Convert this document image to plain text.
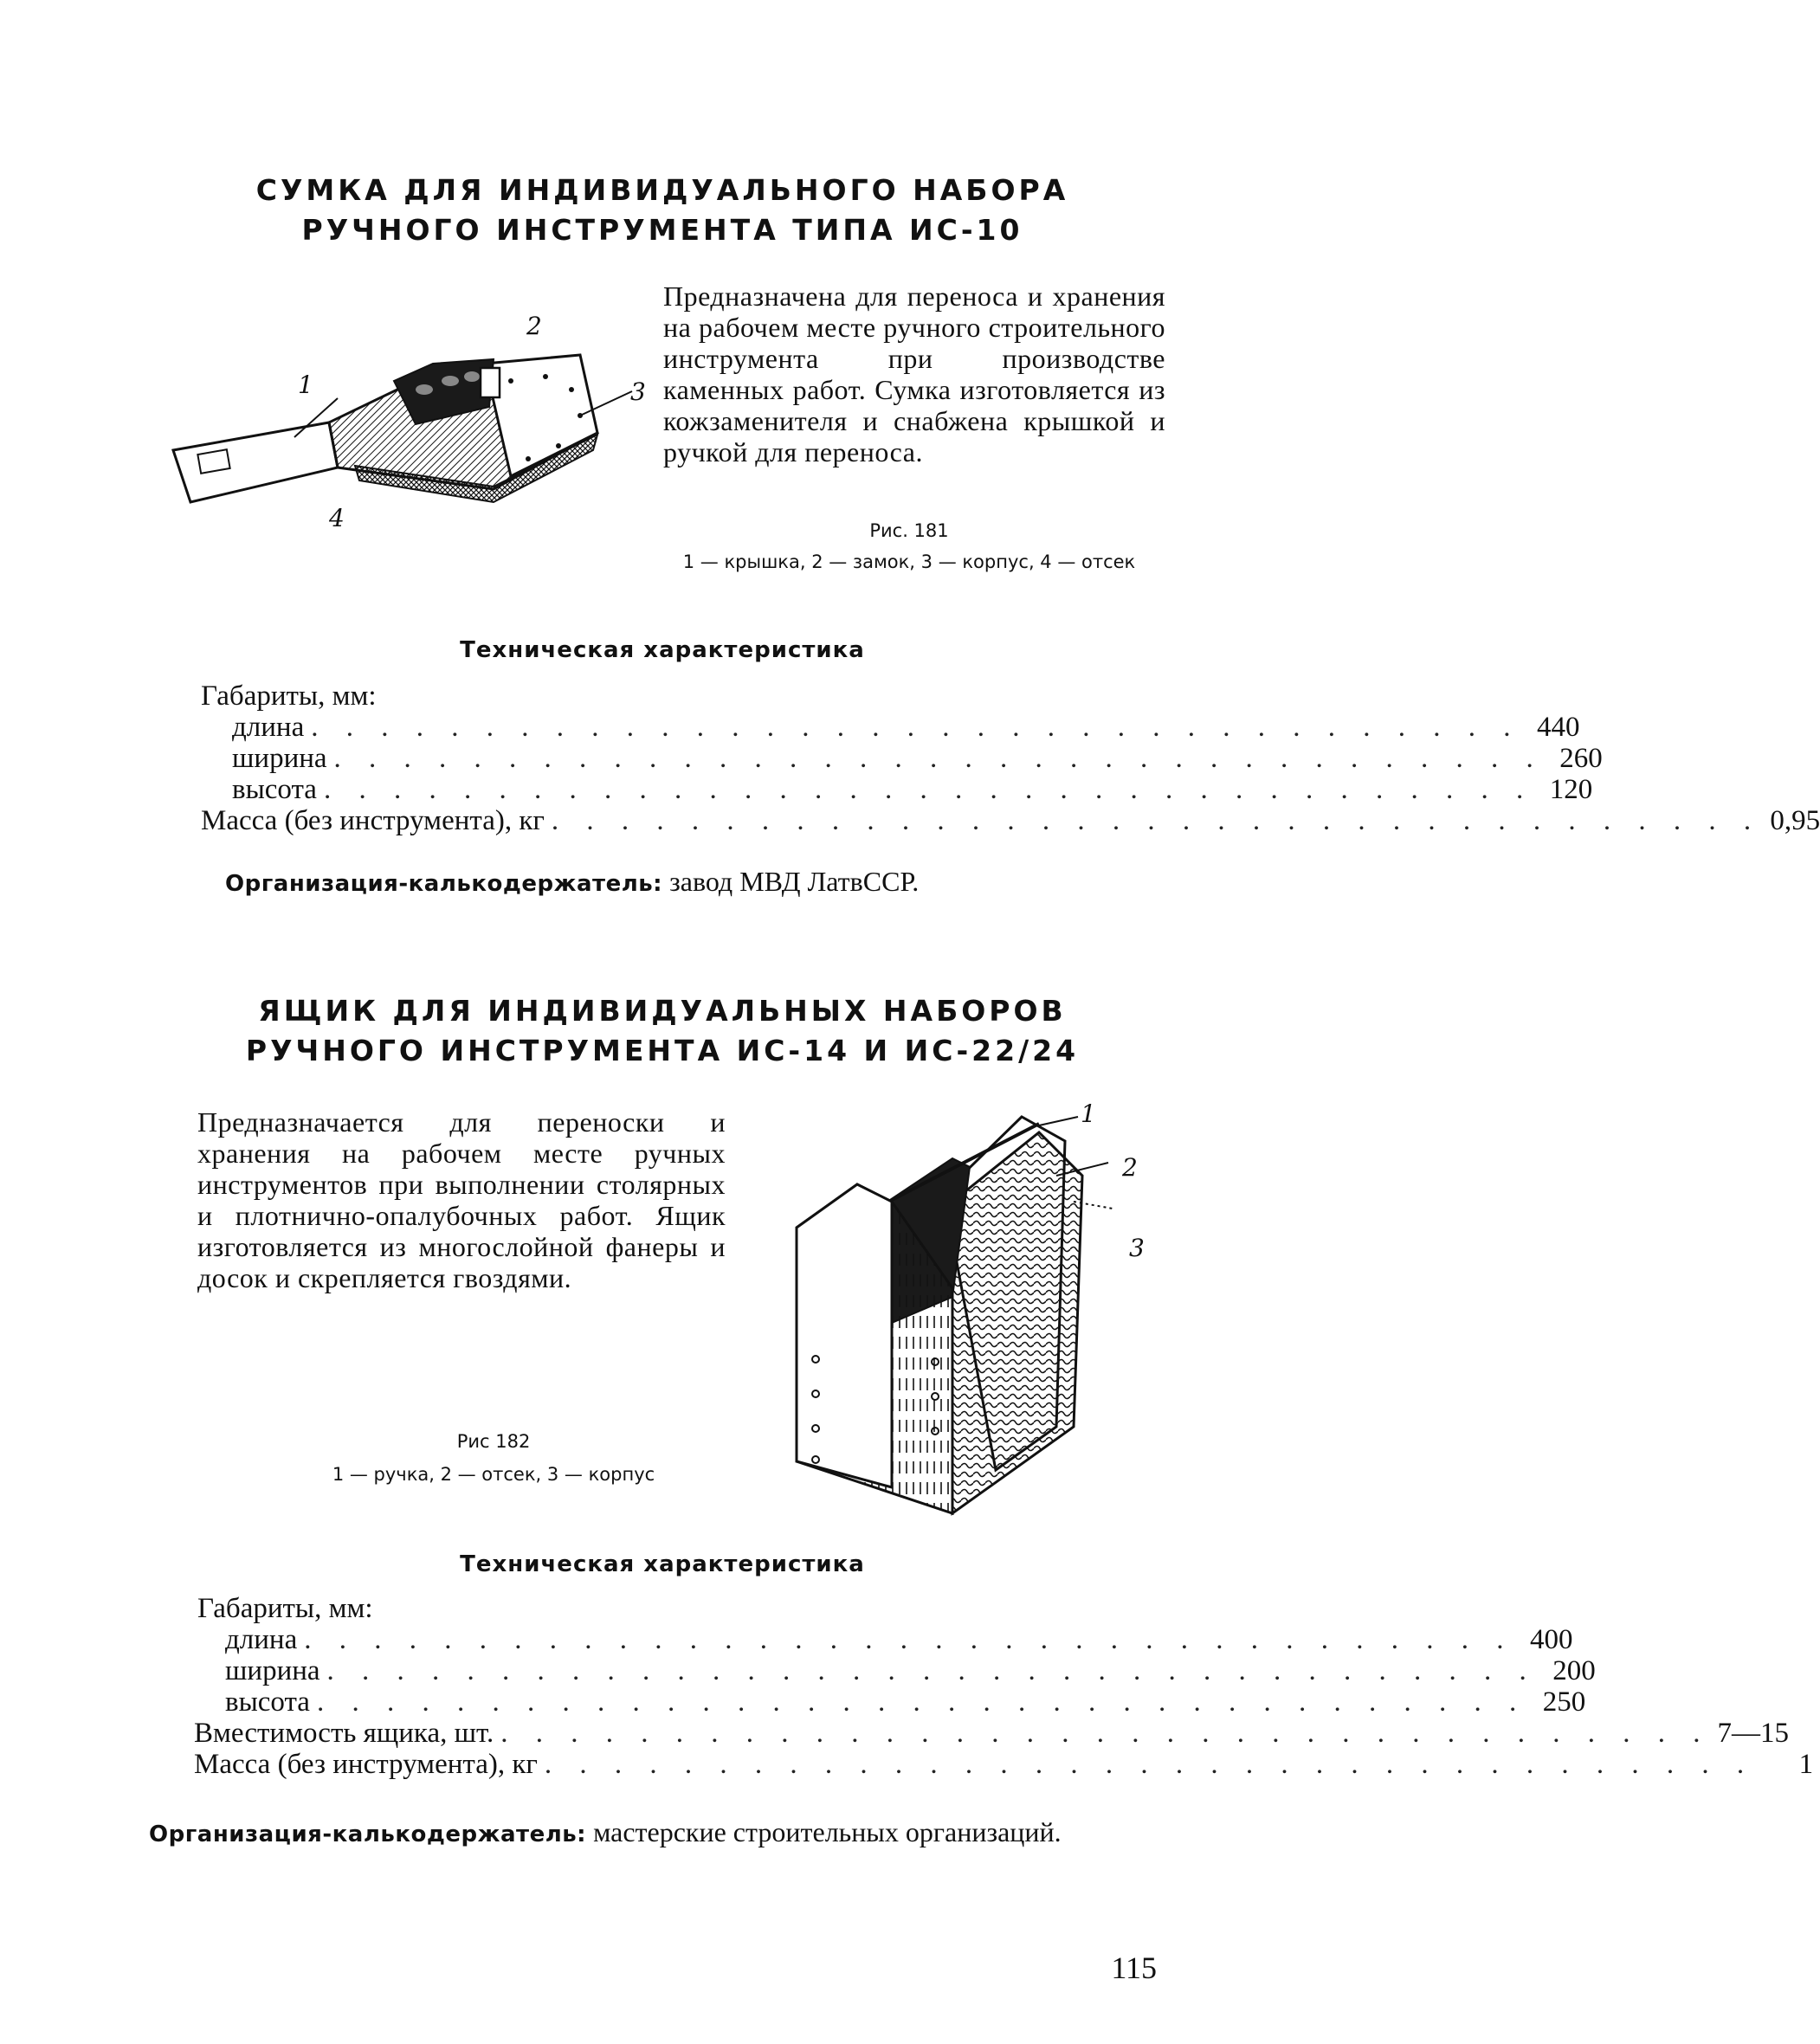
СУМКА ДЛЯ ИНДИВИДУАЛЬНОГО НАБОРА
РУЧНОГО ИНСТРУМЕНТА ТИПА ИС-10
2
1	3
4
Предназначена для переноса и хранения на рабочем месте ручного строительного инструмента при производстве каменных работ. Сумка изготовляется из кожзаменителя и снабжена крышкой и ручкой для переноса.
Рис. 181
1 — крышка, 2 — замок, 3 — корпус, 4 — отсек
Техническая характеристика
Габариты, мм:
длина . . . . . . . . . . . . . . . . . . . . . . . . . . . . . . . . . . . 440
ширина . . . . . . . . . . . . . . . . . . . . . . . . . . . . . . . . . . . 260
высота . . . . . . . . . . . . . . . . . . . . . . . . . . . . . . . . . . . 120
Масса (без инструмента), кг . . . . . . . . . . . . . . . . . . . . . . . . . . . . . . . . . . . 0,95
Организация-калькодержатель: завод МВД ЛатвССР.
ЯЩИК ДЛЯ ИНДИВИДУАЛЬНЫХ НАБОРОВ
РУЧНОГО ИНСТРУМЕНТА ИС-14 И ИС-22/24
Предназначается для переноски и хранения на рабочем месте ручных инструментов при выполнении столярных и плотнично-опалубочных работ. Ящик изготовляется из многослойной фанеры и досок и скрепляется гвоздями.
1
2
3
Рис 182
1 — ручка, 2 — отсек, 3 — корпус
Техническая характеристика
Габариты, мм:
длина . . . . . . . . . . . . . . . . . . . . . . . . . . . . . . . . . . . 400
ширина . . . . . . . . . . . . . . . . . . . . . . . . . . . . . . . . . . . 200
высота . . . . . . . . . . . . . . . . . . . . . . . . . . . . . . . . . . . 250
Вместимость ящика, шт. . . . . . . . . . . . . . . . . . . . . . . . . . . . . . . . . . . . 7—15
Масса (без инструмента), кг . . . . . . . . . . . . . . . . . . . . . . . . . . . . . . . . . . .	1
Организация-калькодержатель: мастерские строительных организаций.
115
